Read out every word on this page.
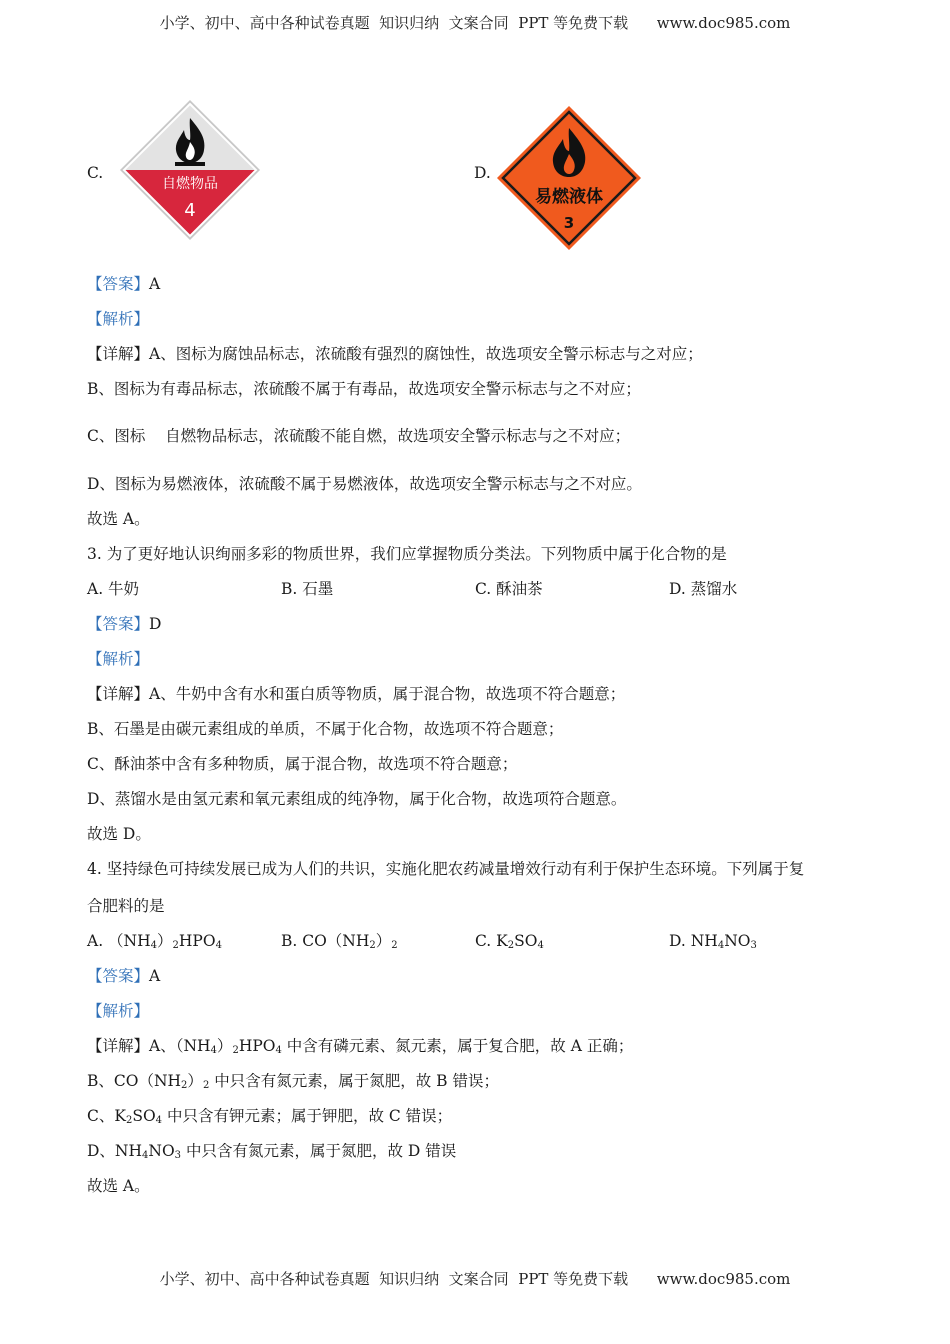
小学、初中、高中各种试卷真题  知识归纳  文案合同  PPT 等免费下载      www.doc985.com
C.
自燃物品
4
D.
易燃液体
3
【答案】A
【解析】
【详解】A、图标为腐蚀品标志，浓硫酸有强烈的腐蚀性，故选项安全警示标志与之对应；
B、图标为有毒品标志，浓硫酸不属于有毒品，故选项安全警示标志与之不对应；
C、图标    自燃物品标志，浓硫酸不能自燃，故选项安全警示标志与之不对应；
D、图标为易燃液体，浓硫酸不属于易燃液体，故选项安全警示标志与之不对应。
故选 A。
3. 为了更好地认识绚丽多彩的物质世界，我们应掌握物质分类法。下列物质中属于化合物的是
A. 牛奶	B. 石墨	C. 酥油茶	D. 蒸馏水
【答案】D
【解析】
【详解】A、牛奶中含有水和蛋白质等物质，属于混合物，故选项不符合题意；
B、石墨是由碳元素组成的单质，不属于化合物，故选项不符合题意；
C、酥油茶中含有多种物质，属于混合物，故选项不符合题意；
D、蒸馏水是由氢元素和氧元素组成的纯净物，属于化合物，故选项符合题意。
故选 D。
4. 坚持绿色可持续发展已成为人们的共识，实施化肥农药减量增效行动有利于保护生态环境。下列属于复
合肥料的是
A. $(NH_4)_2HPO_4$	B. $CO(NH_2)_2$	C. $K_2SO_4$	D. $NH_4NO_3$
【答案】A
【解析】
【详解】A、$(NH_4)_2HPO_4$ 中含有磷元素、氮元素，属于复合肥，故 A 正确；
B、$CO(NH_2)_2$ 中只含有氮元素，属于氮肥，故 B 错误；
C、$K_2SO_4$ 中只含有钾元素；属于钾肥，故 C 错误；
D、$NH_4NO_3$ 中只含有氮元素，属于氮肥，故 D 错误
故选 A。
小学、初中、高中各种试卷真题  知识归纳  文案合同  PPT 等免费下载      www.doc985.com
